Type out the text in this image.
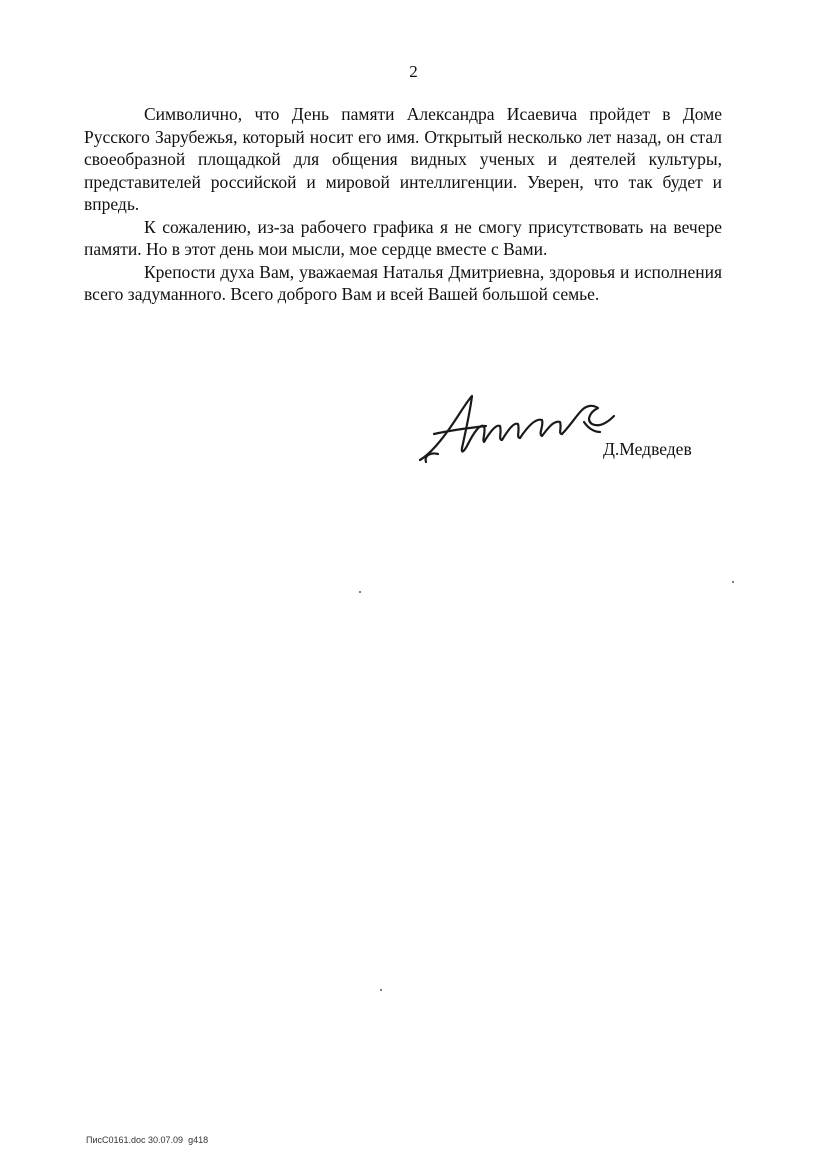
2

Символично, что День памяти Александра Исаевича пройдет в Доме Русского Зарубежья, который носит его имя. Открытый несколько лет назад, он стал своеобразной площадкой для общения видных ученых и деятелей культуры, представителей российской и мировой интеллигенции. Уверен, что так будет и впредь.

К сожалению, из-за рабочего графика я не смогу присутствовать на вечере памяти. Но в этот день мои мысли, мое сердце вместе с Вами.

Крепости духа Вам, уважаемая Наталья Дмитриевна, здоровья и исполнения всего задуманного. Всего доброго Вам и всей Вашей большой семье.

Д.Медведев
ПисС0161.doc 30.07.09  g418
